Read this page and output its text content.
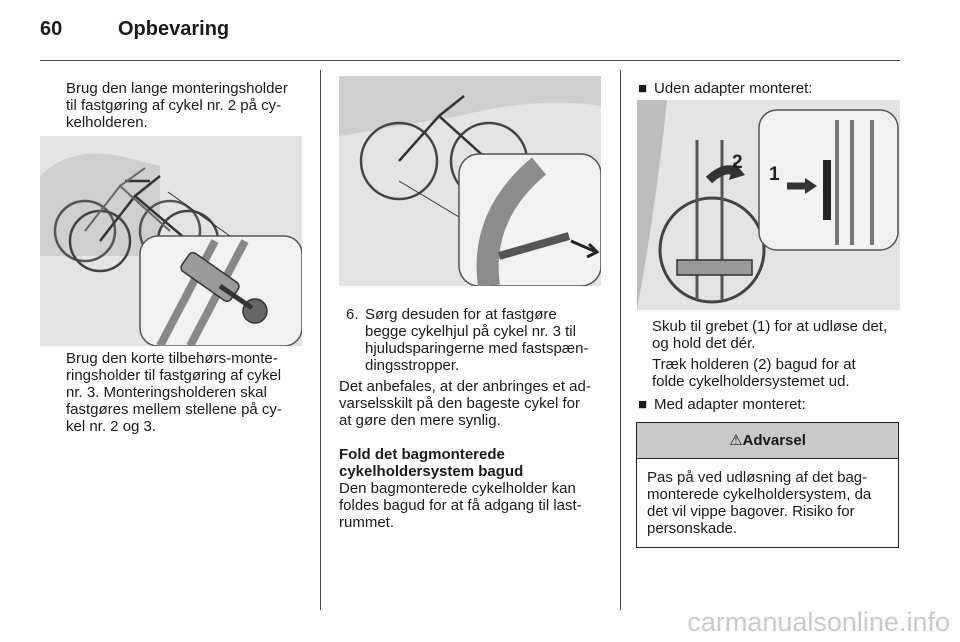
60	Opbevaring

Brug den lange monteringsholder

til fastgøring af cykel nr. 2 på cy-

kelholderen.

Brug den korte tilbehørs-monte-

ringsholder til fastgøring af cykel

nr. 3. Monteringsholderen skal

fastgøres mellem stellene på cy-

kel nr. 2 og 3.

6. Sørg desuden for at fastgøre

begge cykelhjul på cykel nr. 3 til

hjuludsparingerne med fastspæn-

dingsstropper.

Det anbefales, at der anbringes et ad-

varselsskilt på den bageste cykel for

at gøre den mere synlig.

Fold det bagmonterede

cykelholdersystem bagud

Den bagmonterede cykelholder kan

foldes bagud for at få adgang til last-

rummet.

■ Uden adapter monteret:
2
1

Skub til grebet (1) for at udløse det,

og hold det dér.

Træk holderen (2) bagud for at

folde cykelholdersystemet ud.

■ Med adapter monteret:
⚠Advarsel

Pas på ved udløsning af det bag-

monterede cykelholdersystem, da

det vil vippe bagover. Risiko for

personskade.

carmanualsonline.info
